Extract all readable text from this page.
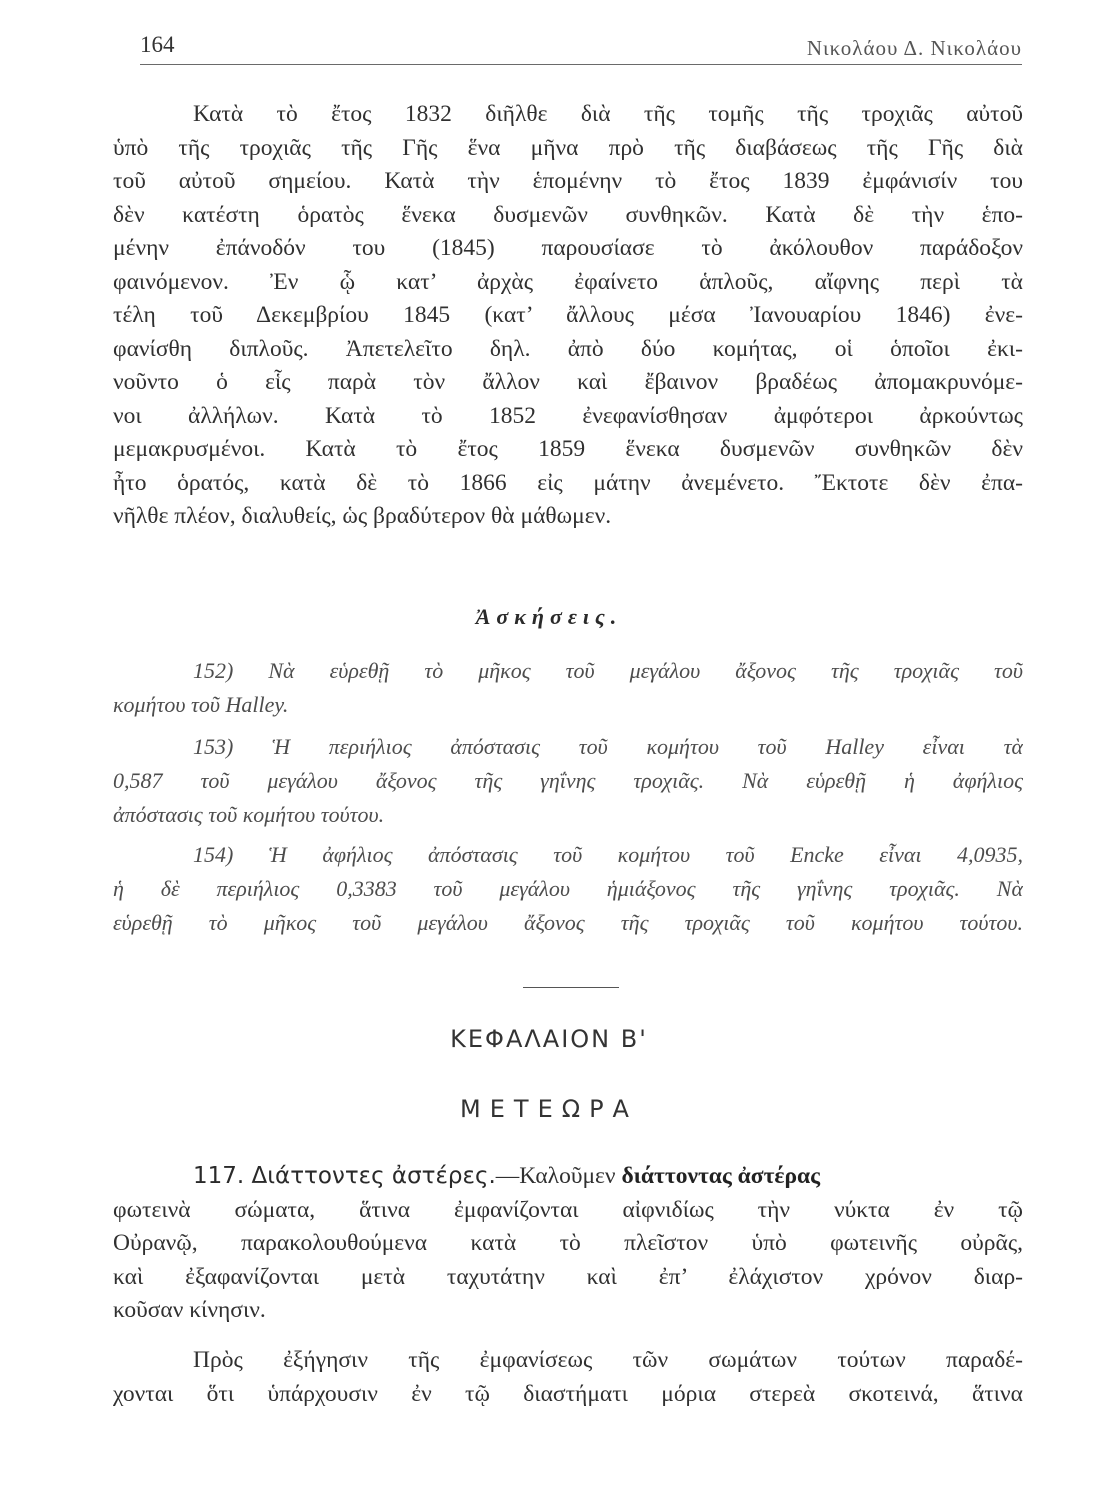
164	Νικολάου Δ. Νικολάου
Κατὰ τὸ ἔτος 1832 διῆλθε διὰ τῆς τομῆς τῆς τροχιᾶς αὐτοῦ
ὑπὸ τῆς τροχιᾶς τῆς Γῆς ἕνα μῆνα πρὸ τῆς διαβάσεως τῆς Γῆς διὰ
τοῦ αὐτοῦ σημείου. Κατὰ τὴν ἑπομένην τὸ ἔτος 1839 ἐμφάνισίν του
δὲν κατέστη ὁρατὸς ἕνεκα δυσμενῶν συνθηκῶν. Κατὰ δὲ τὴν ἑπο-
μένην ἐπάνοδόν του (1845) παρουσίασε τὸ ἀκόλουθον παράδοξον
φαινόμενον. Ἐν ᾧ κατ’ ἀρχὰς ἐφαίνετο ἁπλοῦς, αἴφνης περὶ τὰ
τέλη τοῦ Δεκεμβρίου 1845 (κατ’ ἄλλους μέσα Ἰανουαρίου 1846) ἐνε-
φανίσθη διπλοῦς. Ἀπετελεῖτο δηλ. ἀπὸ δύο κομήτας, οἱ ὁποῖοι ἐκι-
νοῦντο ὁ εἷς παρὰ τὸν ἄλλον καὶ ἔβαινον βραδέως ἀπομακρυνόμε-
νοι ἀλλήλων. Κατὰ τὸ 1852 ἐνεφανίσθησαν ἀμφότεροι ἀρκούντως
μεμακρυσμένοι. Κατὰ τὸ ἔτος 1859 ἕνεκα δυσμενῶν συνθηκῶν δὲν
ἦτο ὁρατός, κατὰ δὲ τὸ 1866 εἰς μάτην ἀνεμένετο. Ἔκτοτε δὲν ἐπα-
νῆλθε πλέον, διαλυθείς, ὡς βραδύτερον θὰ μάθωμεν.
Ἀσκήσεις.
152) Νὰ εὑρεθῇ τὸ μῆκος τοῦ μεγάλου ἄξονος τῆς τροχιᾶς τοῦ
κομήτου τοῦ Halley.
153) Ἡ περιήλιος ἀπόστασις τοῦ κομήτου τοῦ Halley εἶναι τὰ
0,587 τοῦ μεγάλου ἄξονος τῆς γηΐνης τροχιᾶς. Νὰ εὑρεθῇ ἡ ἀφήλιος
ἀπόστασις τοῦ κομήτου τούτου.
154) Ἡ ἀφήλιος ἀπόστασις τοῦ κομήτου τοῦ Encke εἶναι 4,0935,
ἡ δὲ περιήλιος 0,3383 τοῦ μεγάλου ἡμιάξονος τῆς γηΐνης τροχιᾶς. Νὰ
εὑρεθῇ τὸ μῆκος τοῦ μεγάλου ἄξονος τῆς τροχιᾶς τοῦ κομήτου τούτου.
ΚΕΦΑΛΑΙΟΝ Β'
ΜΕΤΕΩΡΑ
117. Διάττοντες ἀστέρες.—Καλοῦμεν διάττοντας ἀστέρας
φωτεινὰ σώματα, ἅτινα ἐμφανίζονται αἰφνιδίως τὴν νύκτα ἐν τῷ
Οὐρανῷ, παρακολουθούμενα κατὰ τὸ πλεῖστον ὑπὸ φωτεινῆς οὐρᾶς,
καὶ ἐξαφανίζονται μετὰ ταχυτάτην καὶ ἐπ’ ἐλάχιστον χρόνον διαρ-
κοῦσαν κίνησιν.
Πρὸς ἐξήγησιν τῆς ἐμφανίσεως τῶν σωμάτων τούτων παραδέ-
χονται ὅτι ὑπάρχουσιν ἐν τῷ διαστήματι μόρια στερεὰ σκοτεινά, ἅτινα
